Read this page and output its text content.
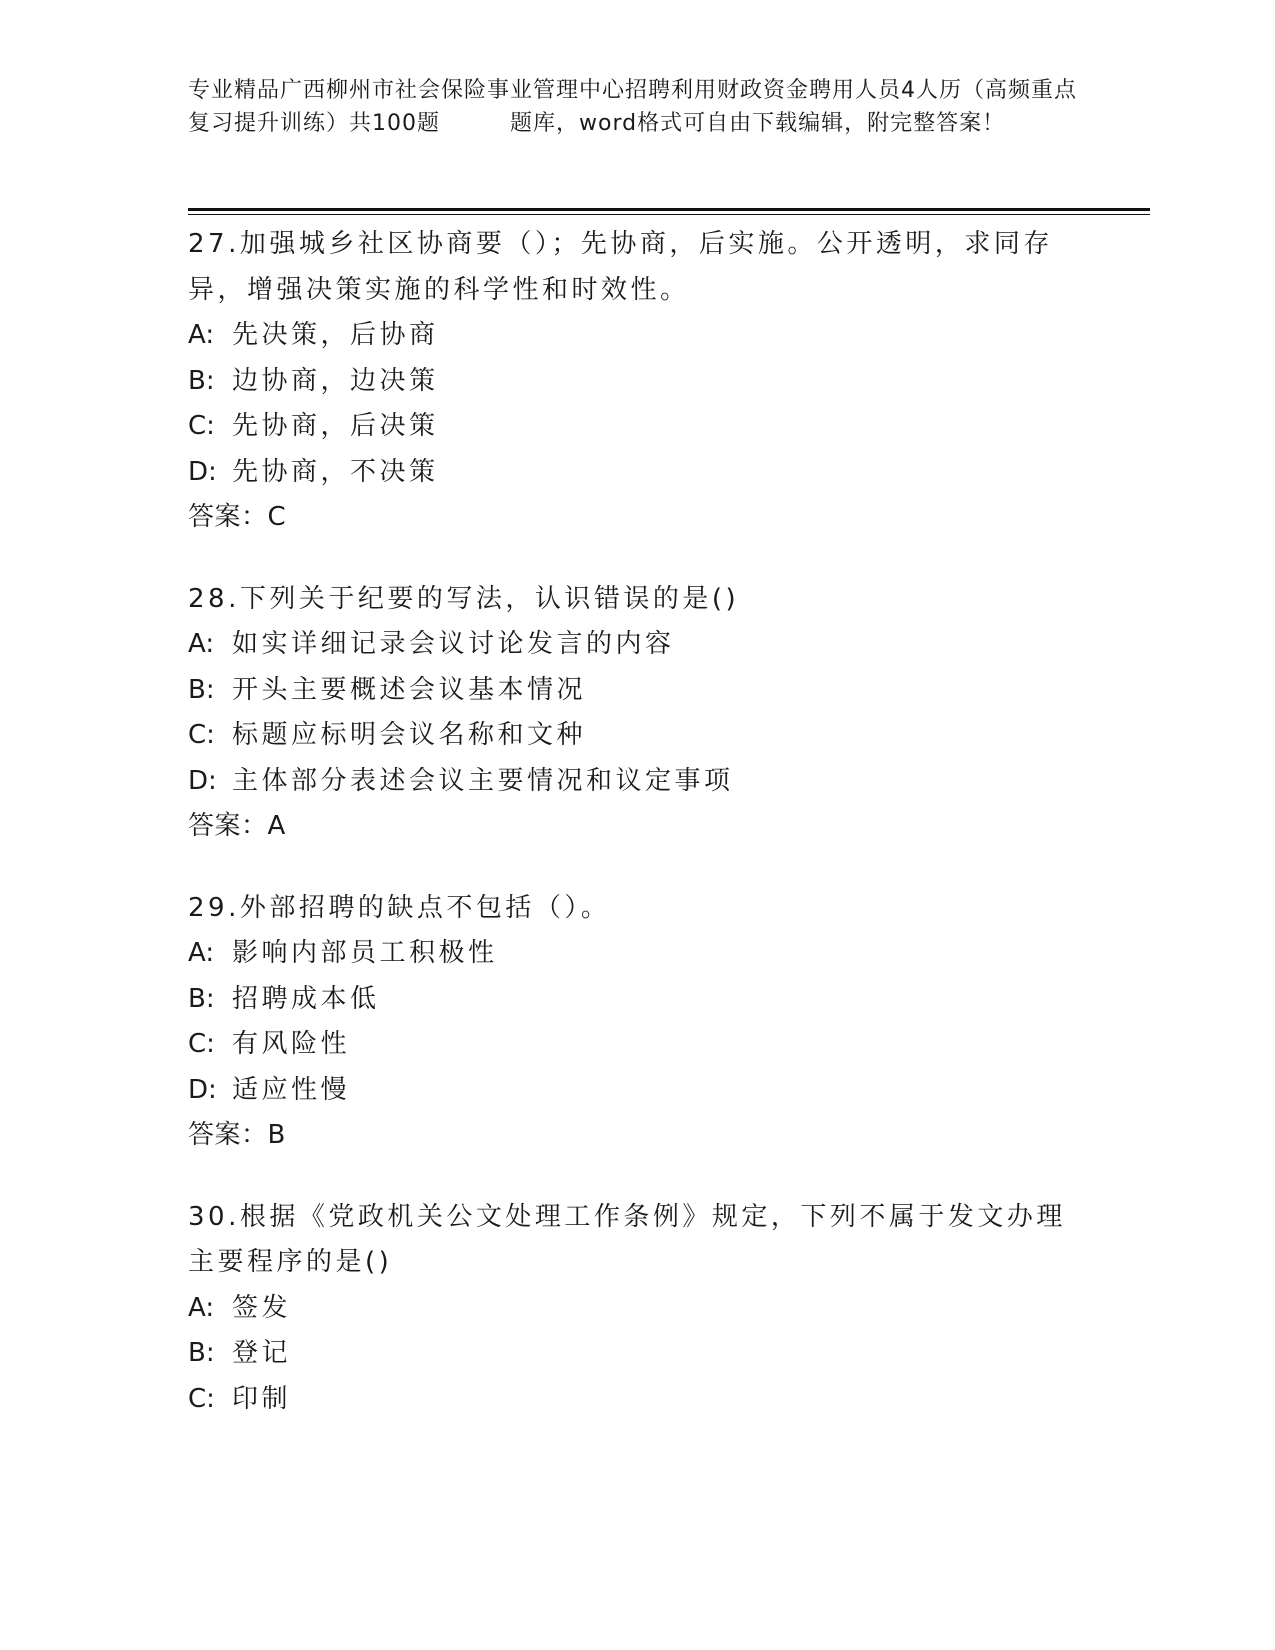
专业精品广西柳州市社会保险事业管理中心招聘利用财政资金聘用人员4人历（高频重点复习提升训练）共100题	题库，word格式可自由下载编辑，附完整答案！
27.加强城乡社区协商要（）；先协商，后实施。公开透明，求同存异，增强决策实施的科学性和时效性。
A: 先决策，后协商
B: 边协商，边决策
C: 先协商，后决策
D: 先协商，不决策
答案：C
28.下列关于纪要的写法，认识错误的是()
A: 如实详细记录会议讨论发言的内容
B: 开头主要概述会议基本情况
C: 标题应标明会议名称和文种
D: 主体部分表述会议主要情况和议定事项
答案：A
29.外部招聘的缺点不包括（）。
A: 影响内部员工积极性
B: 招聘成本低
C: 有风险性
D: 适应性慢
答案：B
30.根据《党政机关公文处理工作条例》规定，下列不属于发文办理主要程序的是()
A: 签发
B: 登记
C: 印制
